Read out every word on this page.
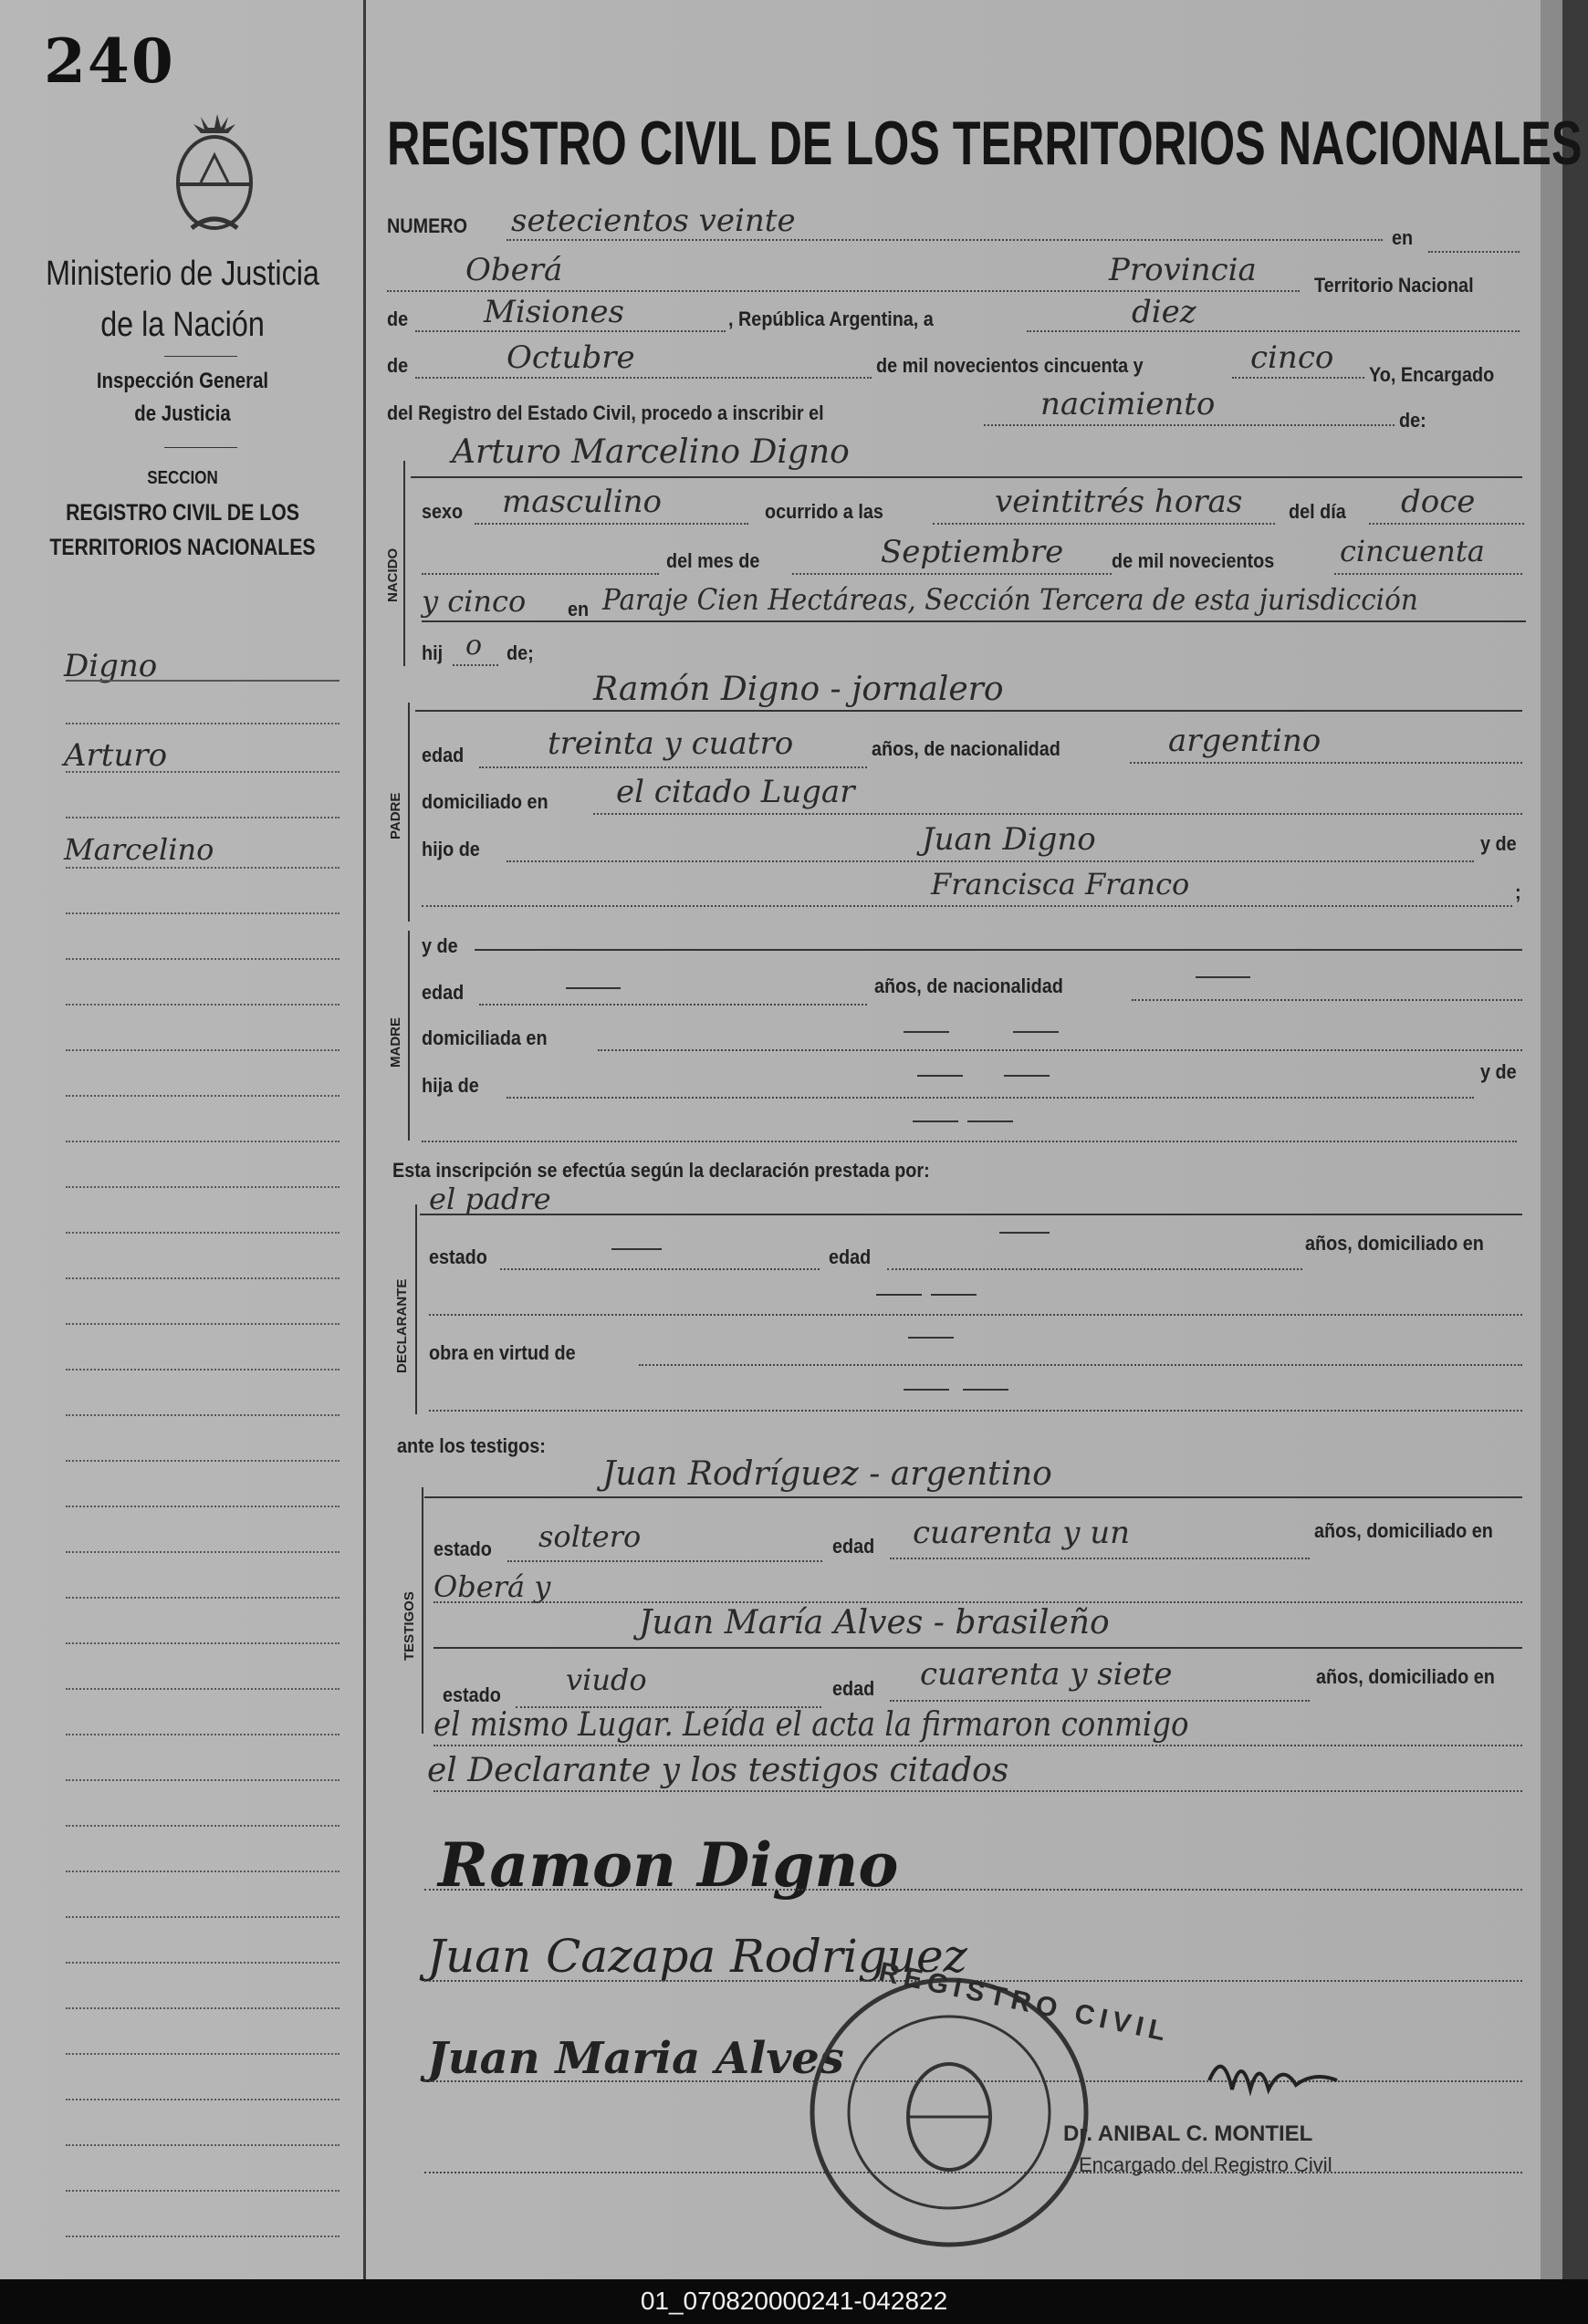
240
Ministerio de Justicia
de la Nación
Inspección General
de Justicia
SECCION
REGISTRO CIVIL DE LOS
TERRITORIOS NACIONALES
Digno
Arturo
Marcelino
REGISTRO CIVIL DE LOS TERRITORIOS NACIONALES
NUMERO setecientos veinte	en
Oberá	Provincia	Territorio Nacional
de Misiones	, República Argentina, a	diez
de	Octubre	de mil novecientos cincuenta y	cinco Yo, Encargado
del Registro del Estado Civil, procedo a inscribir el	nacimiento	de:
Arturo Marcelino Digno
NACIDO
sexo masculino	ocurrido a las	veintitrés horas del día doce
del mes de	Septiembre de mil novecientos cincuenta
y cinco en Paraje Cien Hectáreas, Sección Tercera de esta jurisdicción
hij o de;
Ramón Digno - jornalero
PADRE
edad	treinta y cuatro	años, de nacionalidad	argentino
domiciliado en el citado Lugar
hijo de	Juan Digno	y de
Francisca Franco	;
y de
MADRE
edad	años, de nacionalidad
domiciliada en
hija de
y de
Esta inscripción se efectúa según la declaración prestada por:
el padre
DECLARANTE
estado	edad
años, domiciliado en
obra en virtud de
ante los testigos:
Juan Rodríguez - argentino
TESTIGOS
estado soltero	edad cuarenta y un	años, domiciliado en
Oberá y
Juan María Alves - brasileño
estado viudo	edad cuarenta y siete	años, domiciliado en
el mismo Lugar. Leída el acta la firmaron conmigo
el Declarante y los testigos citados
Ramon Digno
Juan Cazapa Rodriguez
Juan Maria Alves
REGISTRO CIVIL
Dr. ANIBAL C. MONTIEL
Encargado del Registro Civil
01_070820000241-042822
